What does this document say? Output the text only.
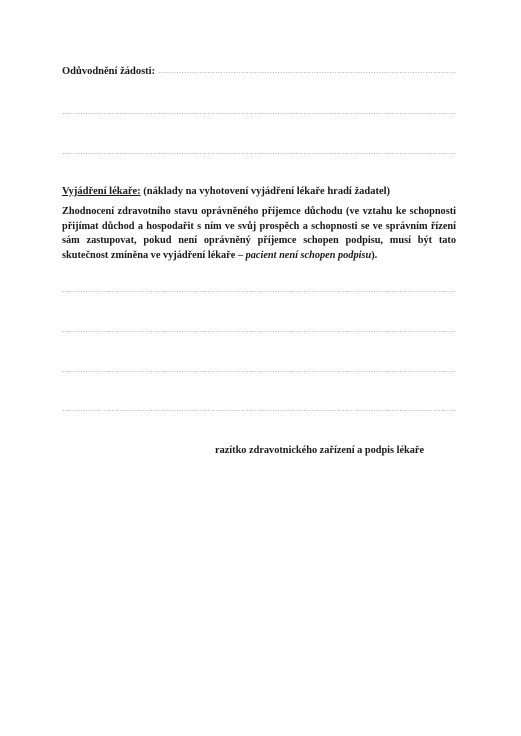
Odůvodnění žádosti:
Vyjádření lékaře: (náklady na vyhotovení vyjádření lékaře hradí žadatel)
Zhodnocení zdravotního stavu oprávněného příjemce důchodu (ve vztahu ke schopnosti přijímat důchod a hospodařit s ním ve svůj prospěch a schopnosti se ve správním řízení sám zastupovat, pokud není oprávněný příjemce schopen podpisu, musí být tato skutečnost zmíněna ve vyjádření lékaře – pacient není schopen podpisu).
razítko zdravotnického zařízení a podpis lékaře
